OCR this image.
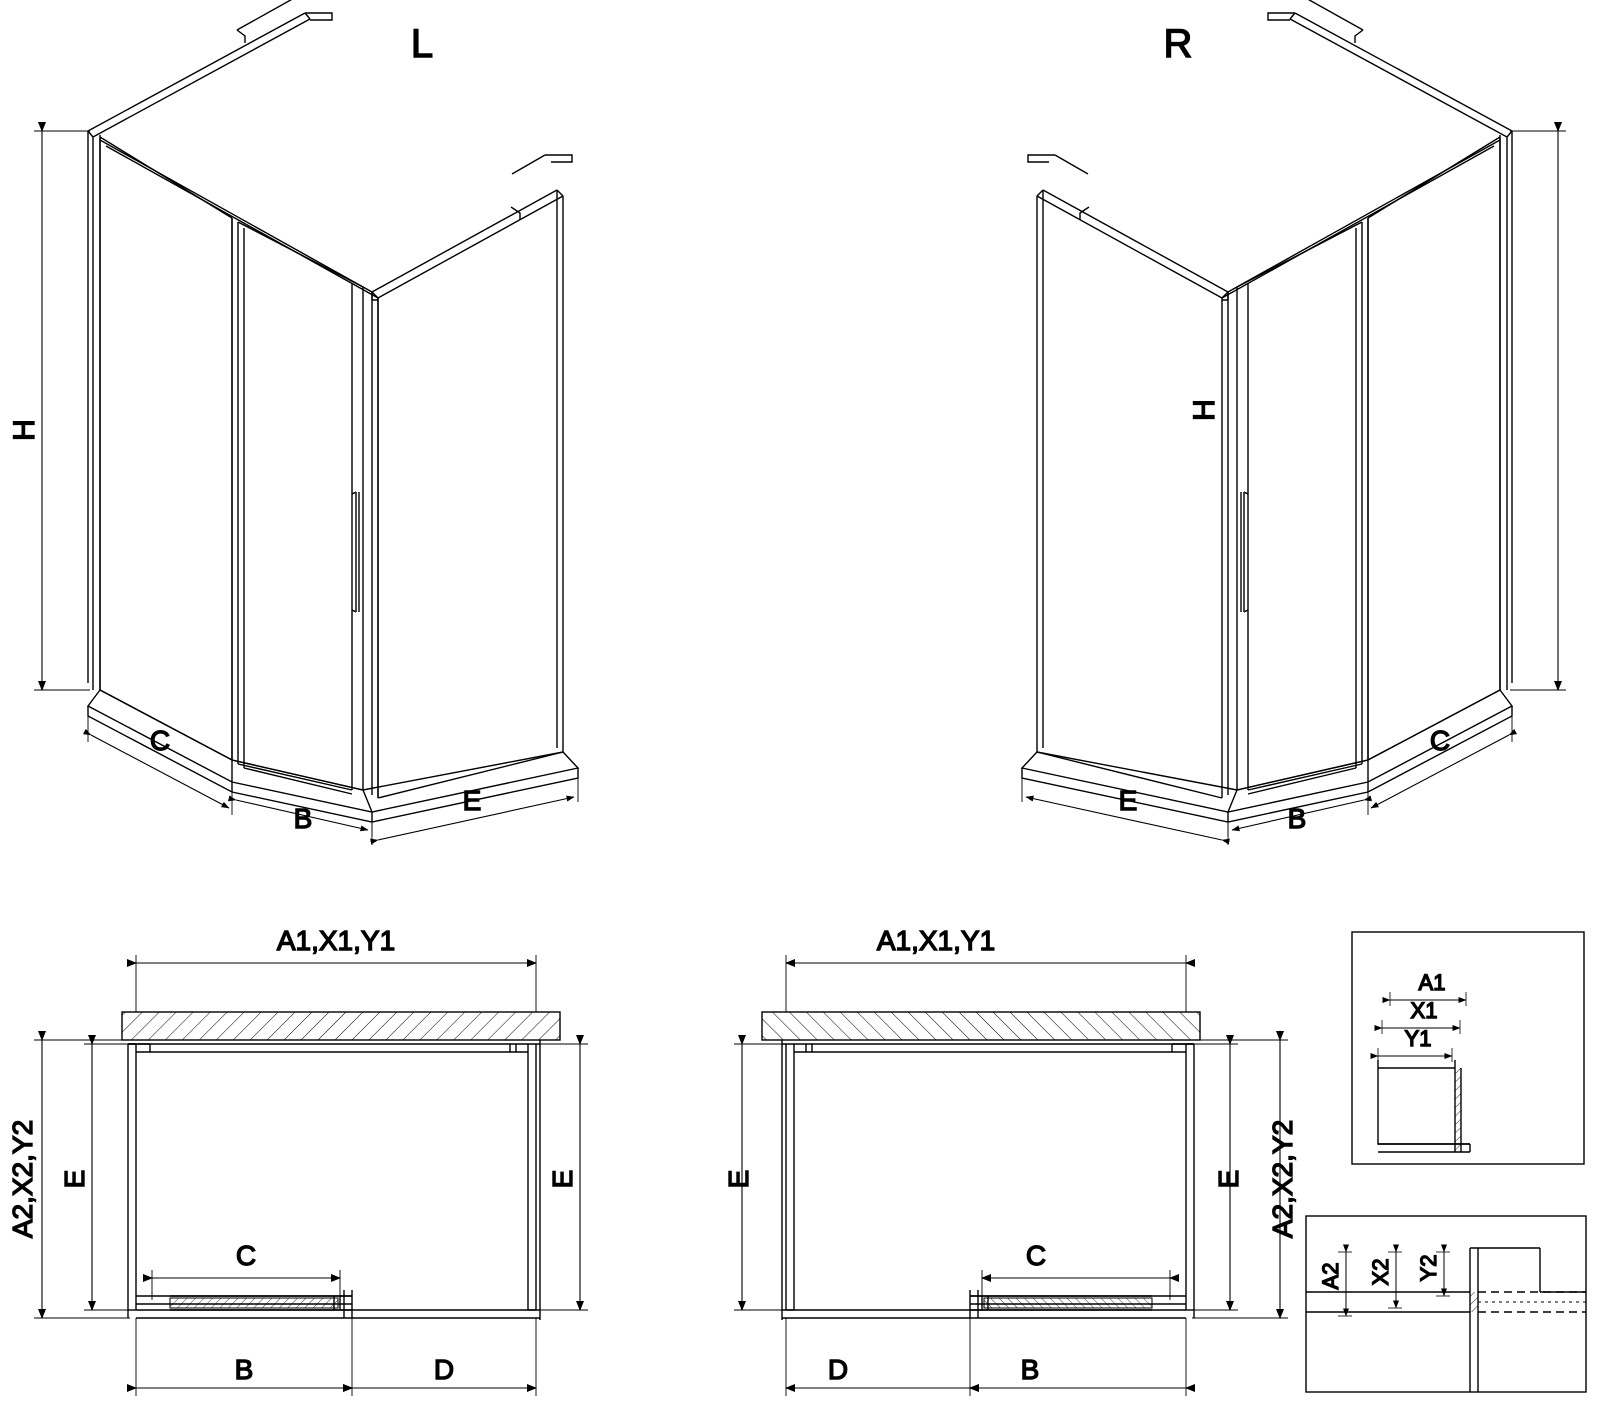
H
C
B
E
L
H
C
B
E
R
A1,X1,Y1
A2,X2,Y2 E	E
C
B	D
A1,X1,Y1
A2,X2,Y2
E
E
C
B
D
A1
X1
Y1
A2 X2 Y2
